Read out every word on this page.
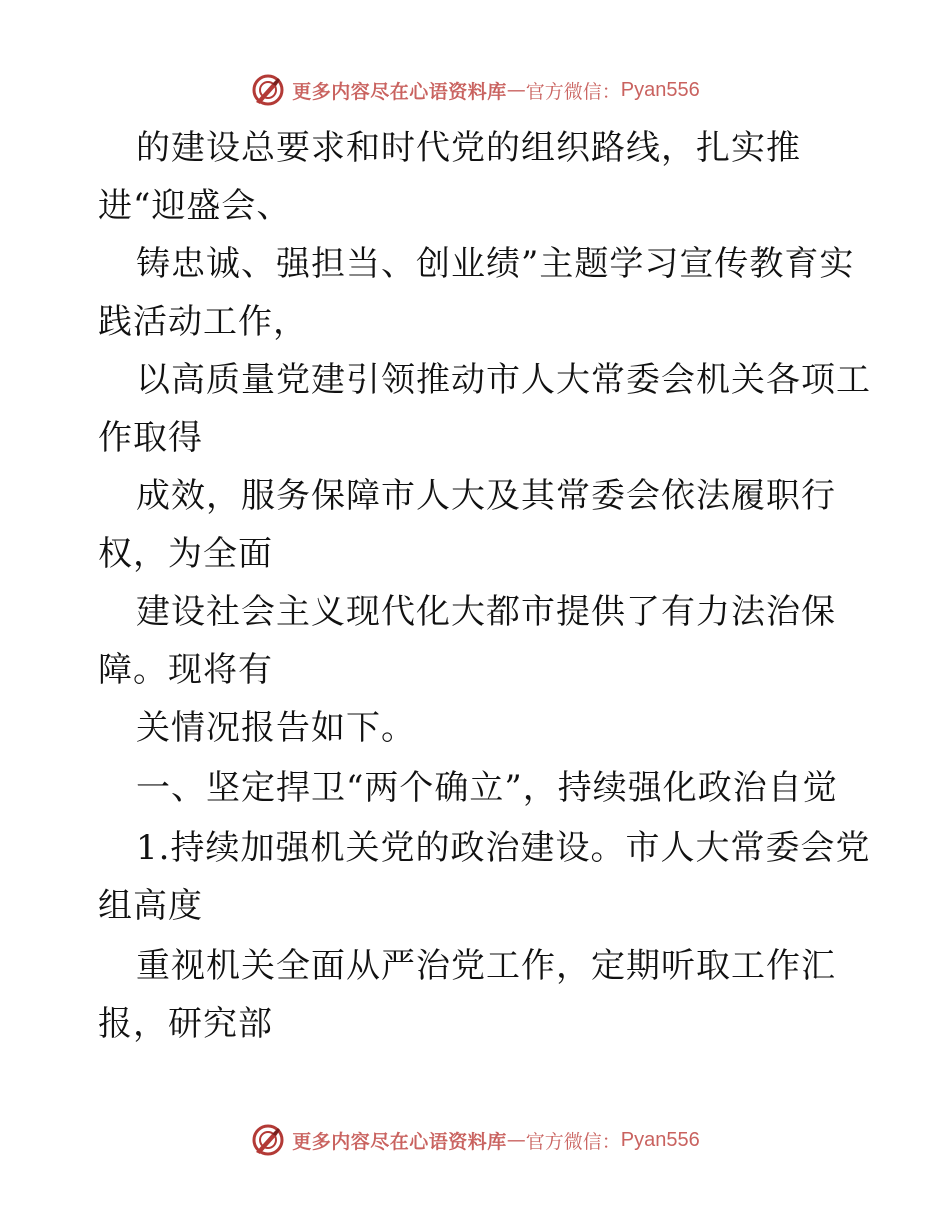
更多内容尽在心语资料库 — 官方微信： Pyan556
的建设总要求和时代党的组织路线，扎实推
进“迎盛会、
铸忠诚、强担当、创业绩”主题学习宣传教育实
践活动工作，
以高质量党建引领推动市人大常委会机关各项工
作取得
成效，服务保障市人大及其常委会依法履职行
权，为全面
建设社会主义现代化大都市提供了有力法治保
障。现将有
关情况报告如下。
一、坚定捍卫“两个确立”，持续强化政治自觉
1.持续加强机关党的政治建设。市人大常委会党
组高度
重视机关全面从严治党工作，定期听取工作汇
报，研究部
更多内容尽在心语资料库 — 官方微信： Pyan556
